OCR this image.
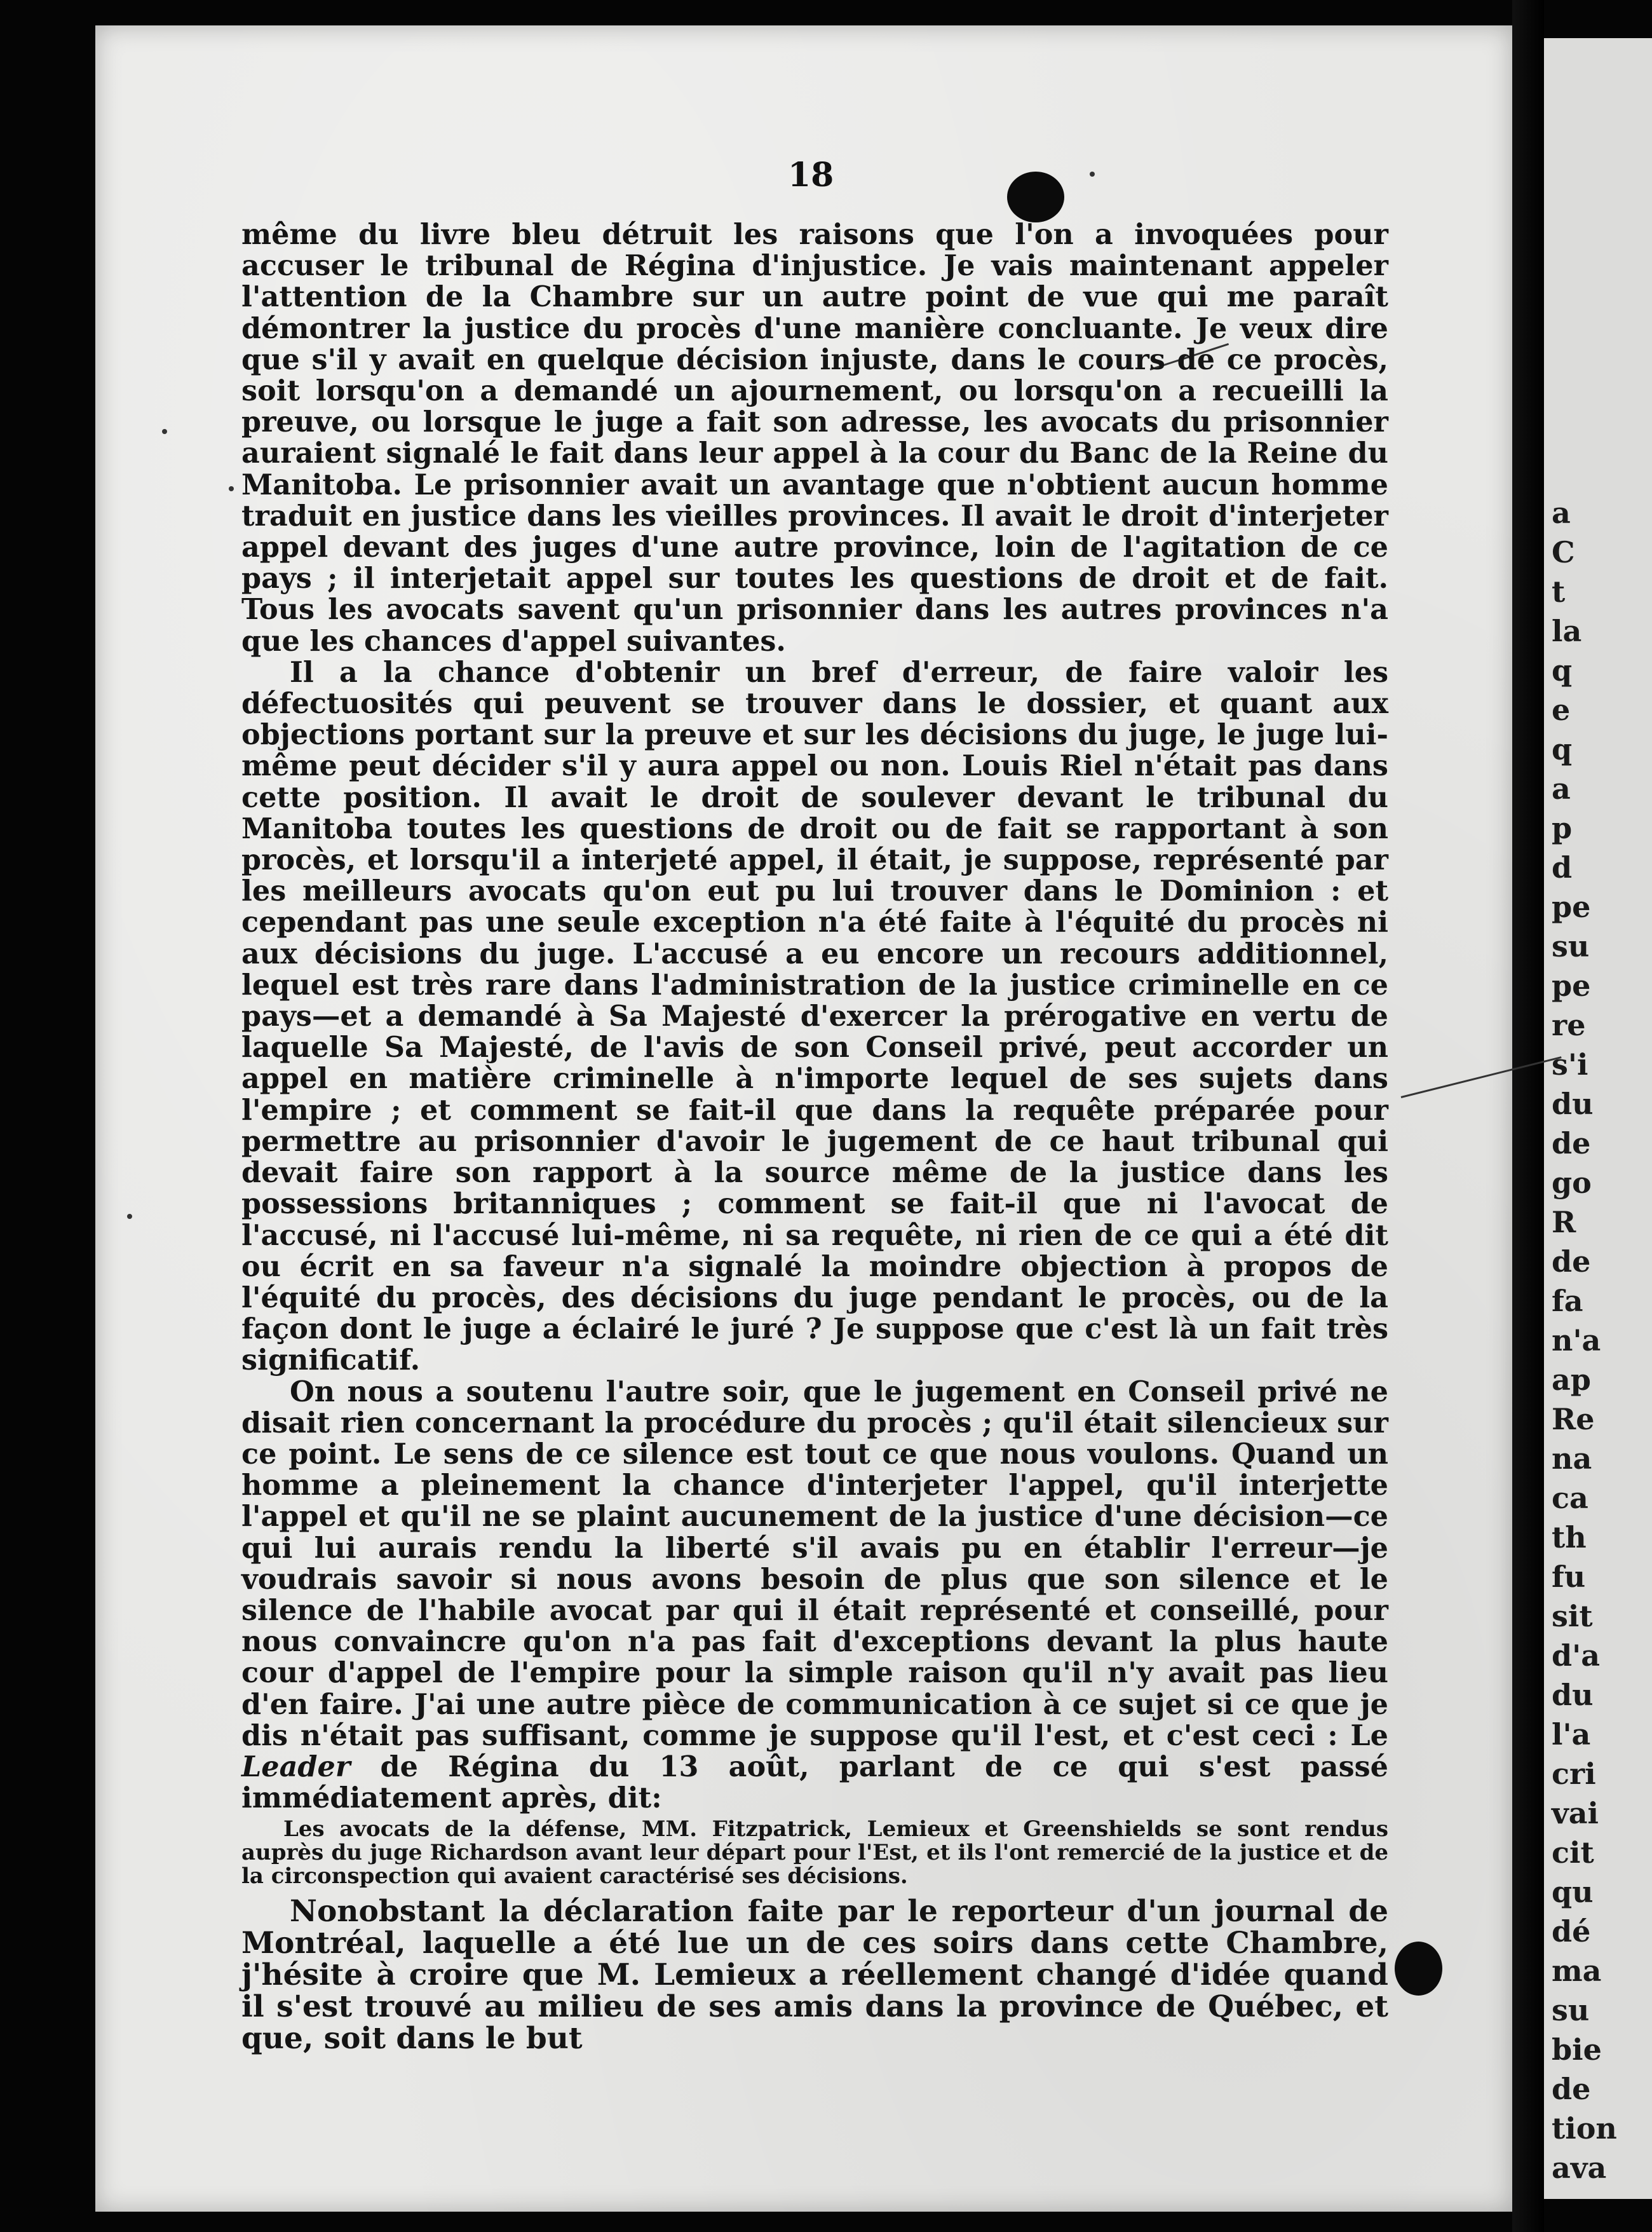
a
C
t
la
q
e
q
a
p
d
pe
su
pe
re
s'i
du
de
go
R
de
fa
n'a
ap
Re
na
ca
th
fu
sit
d'a
du
l'a
cri
vai
cit
qu
dé
ma
su
bie
de
tion
ava
18

même du livre bleu détruit les raisons que l'on a invoquées pour accuser le tribunal de Régina d'injustice. Je vais maintenant appeler l'attention de la Chambre sur un autre point de vue qui me paraît démontrer la justice du procès d'une manière concluante. Je veux dire que s'il y avait en quelque décision injuste, dans le cours de ce procès, soit lorsqu'on a demandé un ajournement, ou lorsqu'on a recueilli la preuve, ou lorsque le juge a fait son adresse, les avocats du prisonnier auraient signalé le fait dans leur appel à la cour du Banc de la Reine du Manitoba. Le prisonnier avait un avantage que n'obtient aucun homme traduit en justice dans les vieilles provinces. Il avait le droit d'interjeter appel devant des juges d'une autre province, loin de l'agitation de ce pays ; il interjetait appel sur toutes les questions de droit et de fait. Tous les avocats savent qu'un prisonnier dans les autres provinces n'a que les chances d'appel suivantes.

Il a la chance d'obtenir un bref d'erreur, de faire valoir les défectuosités qui peuvent se trouver dans le dossier, et quant aux objections portant sur la preuve et sur les décisions du juge, le juge lui-même peut décider s'il y aura appel ou non. Louis Riel n'était pas dans cette position. Il avait le droit de soulever devant le tribunal du Manitoba toutes les questions de droit ou de fait se rapportant à son procès, et lorsqu'il a interjeté appel, il était, je suppose, représenté par les meilleurs avocats qu'on eut pu lui trouver dans le Dominion : et cependant pas une seule exception n'a été faite à l'équité du procès ni aux décisions du juge. L'accusé a eu encore un recours additionnel, lequel est très rare dans l'administration de la justice criminelle en ce pays—et a demandé à Sa Majesté d'exercer la prérogative en vertu de laquelle Sa Majesté, de l'avis de son Conseil privé, peut accorder un appel en matière criminelle à n'importe lequel de ses sujets dans l'empire ; et comment se fait-il que dans la requête préparée pour permettre au prisonnier d'avoir le jugement de ce haut tribunal qui devait faire son rapport à la source même de la justice dans les possessions britanniques ; comment se fait-il que ni l'avocat de l'accusé, ni l'accusé lui-même, ni sa requête, ni rien de ce qui a été dit ou écrit en sa faveur n'a signalé la moindre objection à propos de l'équité du procès, des décisions du juge pendant le procès, ou de la façon dont le juge a éclairé le juré ? Je suppose que c'est là un fait très significatif.

On nous a soutenu l'autre soir, que le jugement en Conseil privé ne disait rien concernant la procédure du procès ; qu'il était silencieux sur ce point. Le sens de ce silence est tout ce que nous voulons. Quand un homme a pleinement la chance d'interjeter l'appel, qu'il interjette l'appel et qu'il ne se plaint aucunement de la justice d'une décision—ce qui lui aurais rendu la liberté s'il avais pu en établir l'erreur—je voudrais savoir si nous avons besoin de plus que son silence et le silence de l'habile avocat par qui il était représenté et conseillé, pour nous convaincre qu'on n'a pas fait d'exceptions devant la plus haute cour d'appel de l'empire pour la simple raison qu'il n'y avait pas lieu d'en faire. J'ai une autre pièce de communication à ce sujet si ce que je dis n'était pas suffisant, comme je suppose qu'il l'est, et c'est ceci : Le Leader de Régina du 13 août, parlant de ce qui s'est passé immédiatement après, dit:

Les avocats de la défense, MM. Fitzpatrick, Lemieux et Greenshields se sont rendus auprès du juge Richardson avant leur départ pour l'Est, et ils l'ont remercié de la justice et de la circonspection qui avaient caractérisé ses décisions.

Nonobstant la déclaration faite par le reporteur d'un journal de Montréal, laquelle a été lue un de ces soirs dans cette Chambre, j'hésite à croire que M. Lemieux a réellement changé d'idée quand il s'est trouvé au milieu de ses amis dans la province de Québec, et que, soit dans le but
